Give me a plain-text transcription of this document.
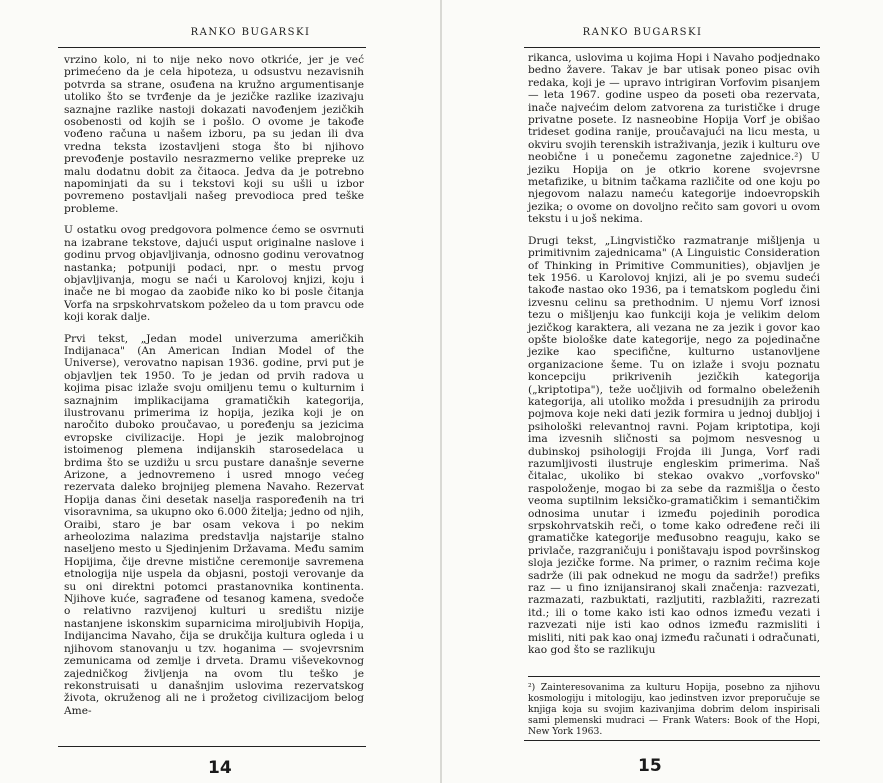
RANKO BUGARSKI

vrzino kolo, ni to nije neko novo otkriće, jer je već primećeno da je cela hipoteza, u odsustvu nezavisnih potvrda sa strane, osuđena na kružno argumentisanje utoliko što se tvrđenje da je jezičke razlike izazivaju saznajne razlike nastoji dokazati navođenjem jezičkih osobenosti od kojih se i pošlo. O ovome je takođe vođeno računa u našem izboru, pa su jedan ili dva vredna teksta izostavljeni stoga što bi njihovo prevođenje postavilo nesrazmerno velike prepreke uz malu dodatnu dobit za čitaoca. Jedva da je potrebno napominjati da su i tekstovi koji su ušli u izbor povremeno postavljali našeg prevodioca pred teške probleme.

U ostatku ovog predgovora polmence ćemo se osvrnuti na izabrane tekstove, dajući usput originalne naslove i godinu prvog objavljivanja, odnosno godinu verovatnog nastanka; potpuniji podaci, npr. o mestu prvog objavljivanja, mogu se naći u Karolovoj knjizi, koju i inače ne bi mogao da zaobiđe niko ko bi posle čitanja Vorfa na srpskohrvatskom poželeo da u tom pravcu ode koji korak dalje.

Prvi tekst, „Jedan model univerzuma američkih Indijanaca" (An American Indian Model of the Universe), verovatno napisan 1936. godine, prvi put je objavljen tek 1950. To je jedan od prvih radova u kojima pisac izlaže svoju omiljenu temu o kulturnim i saznajnim implikacijama gramatičkih kategorija, ilustrovanu primerima iz hopija, jezika koji je on naročito duboko proučavao, u poređenju sa jezicima evropske civilizacije. Hopi je jezik malobrojnog istoimenog plemena indijanskih starosedelaca u brdima što se uzdižu u srcu pustare današnje severne Arizone, a jednovremeno i usred mnogo većeg rezervata daleko brojnijeg plemena Navaho. Rezervat Hopija danas čini desetak naselja raspoređenih na tri visoravnima, sa ukupno oko 6.000 žitelja; jedno od njih, Oraibi, staro je bar osam vekova i po nekim arheolozima nalazima predstavlja najstarije stalno naseljeno mesto u Sjedinjenim Državama. Među samim Hopijima, čije drevne mistične ceremonije savremena etnologija nije uspela da objasni, postoji verovanje da su oni direktni potomci prastanovnika kontinenta. Njihove kuće, sagrađene od tesanog kamena, svedoče o relativno razvijenoj kulturi u središtu nizije nastanjene iskonskim suparnicima miroljubivih Hopija, Indijancima Navaho, čija se drukčija kultura ogleda i u njihovom stanovanju u tzv. hoganima — svojevrsnim zemunicama od zemlje i drveta. Dramu viševekovnog zajedničkog življenja na ovom tlu teško je rekonstruisati u današnjim uslovima rezervatskog života, okruženog ali ne i prožetog civilizacijom belog Ame-

14
RANKO BUGARSKI

rikanca, uslovima u kojima Hopi i Navaho podjednako bedno žavere. Takav je bar utisak poneo pisac ovih redaka, koji je — upravo intrigiran Vorfovim pisanjem — leta 1967. godine uspeo da poseti oba rezervata, inače najvećim delom zatvorena za turističke i druge privatne posete. Iz nasneobine Hopija Vorf je obišao trideset godina ranije, proučavajući na licu mesta, u okviru svojih terenskih istraživanja, jezik i kulturu ove neobične i u ponečemu zagonetne zajednice.²) U jeziku Hopija on je otkrio korene svojevrsne metafizike, u bitnim tačkama različite od one koju po njegovom nalazu nameću kategorije indoevropskih jezika; o ovome on dovoljno rečito sam govori u ovom tekstu i u još nekima.

Drugi tekst, „Lingvističko razmatranje mišljenja u primitivnim zajednicama" (A Linguistic Consideration of Thinking in Primitive Communities), objavljen je tek 1956. u Karolovoj knjizi, ali je po svemu sudeći takođe nastao oko 1936, pa i tematskom pogledu čini izvesnu celinu sa prethodnim. U njemu Vorf iznosi tezu o mišljenju kao funkciji koja je velikim delom jezičkog karaktera, ali vezana ne za jezik i govor kao opšte biološke date kategorije, nego za pojedinačne jezike kao specifične, kulturno ustanovljene organizacione šeme. Tu on izlaže i svoju poznatu koncepciju prikrivenih jezičkih kategorija („kriptotipa"), teže uočljivih od formalno obeleženih kategorija, ali utoliko možda i presudnijih za prirodu pojmova koje neki dati jezik formira u jednoj dubljoj i psihološki relevantnoj ravni. Pojam kriptotipa, koji ima izvesnih sličnosti sa pojmom nesvesnog u dubinskoj psihologiji Frojda ili Junga, Vorf radi razumljivosti ilustruje engleskim primerima. Naš čitalac, ukoliko bi stekao ovakvo „vorfovsko" raspoloženje, mogao bi za sebe da razmišlja o često veoma suptilnim leksičko-gramatičkim i semantičkim odnosima unutar i između pojedinih porodica srpskohrvatskih reči, o tome kako određene reči ili gramatičke kategorije međusobno reaguju, kako se privlače, razgraničuju i poništavaju ispod površinskog sloja jezičke forme. Na primer, o raznim rečima koje sadrže (ili pak odnekud ne mogu da sadrže!) prefiks raz — u fino iznijansiranoj skali značenja: razvezati, razmazati, razbuktati, razljutiti, razblažiti, razrezati itd.; ili o tome kako isti kao odnos između vezati i razvezati nije isti kao odnos između razmisliti i misliti, niti pak kao onaj između računati i odračunati, kao god što se razlikuju

²) Zainteresovanima za kulturu Hopija, posebno za njihovu kosmologiju i mitologiju, kao jedinstven izvor preporučuje se knjiga koja su svojim kazivanjima dobrim delom inspirisali sami plemenski mudraci — Frank Waters: Book of the Hopi, New York 1963.

15
